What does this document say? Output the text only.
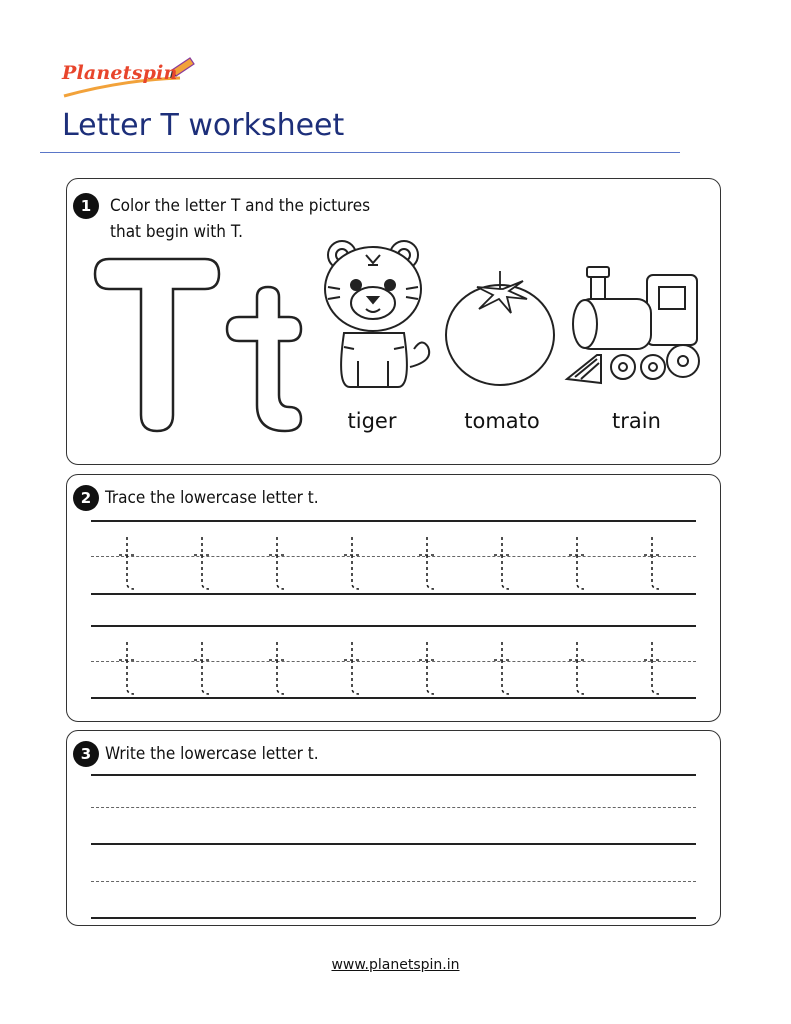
Planetspin
Letter T worksheet
1	Color the letter T and the pictures
that begin with T.
tiger	tomato	train
2 Trace the lowercase letter t.
3 Write the lowercase letter t.
www.planetspin.in
